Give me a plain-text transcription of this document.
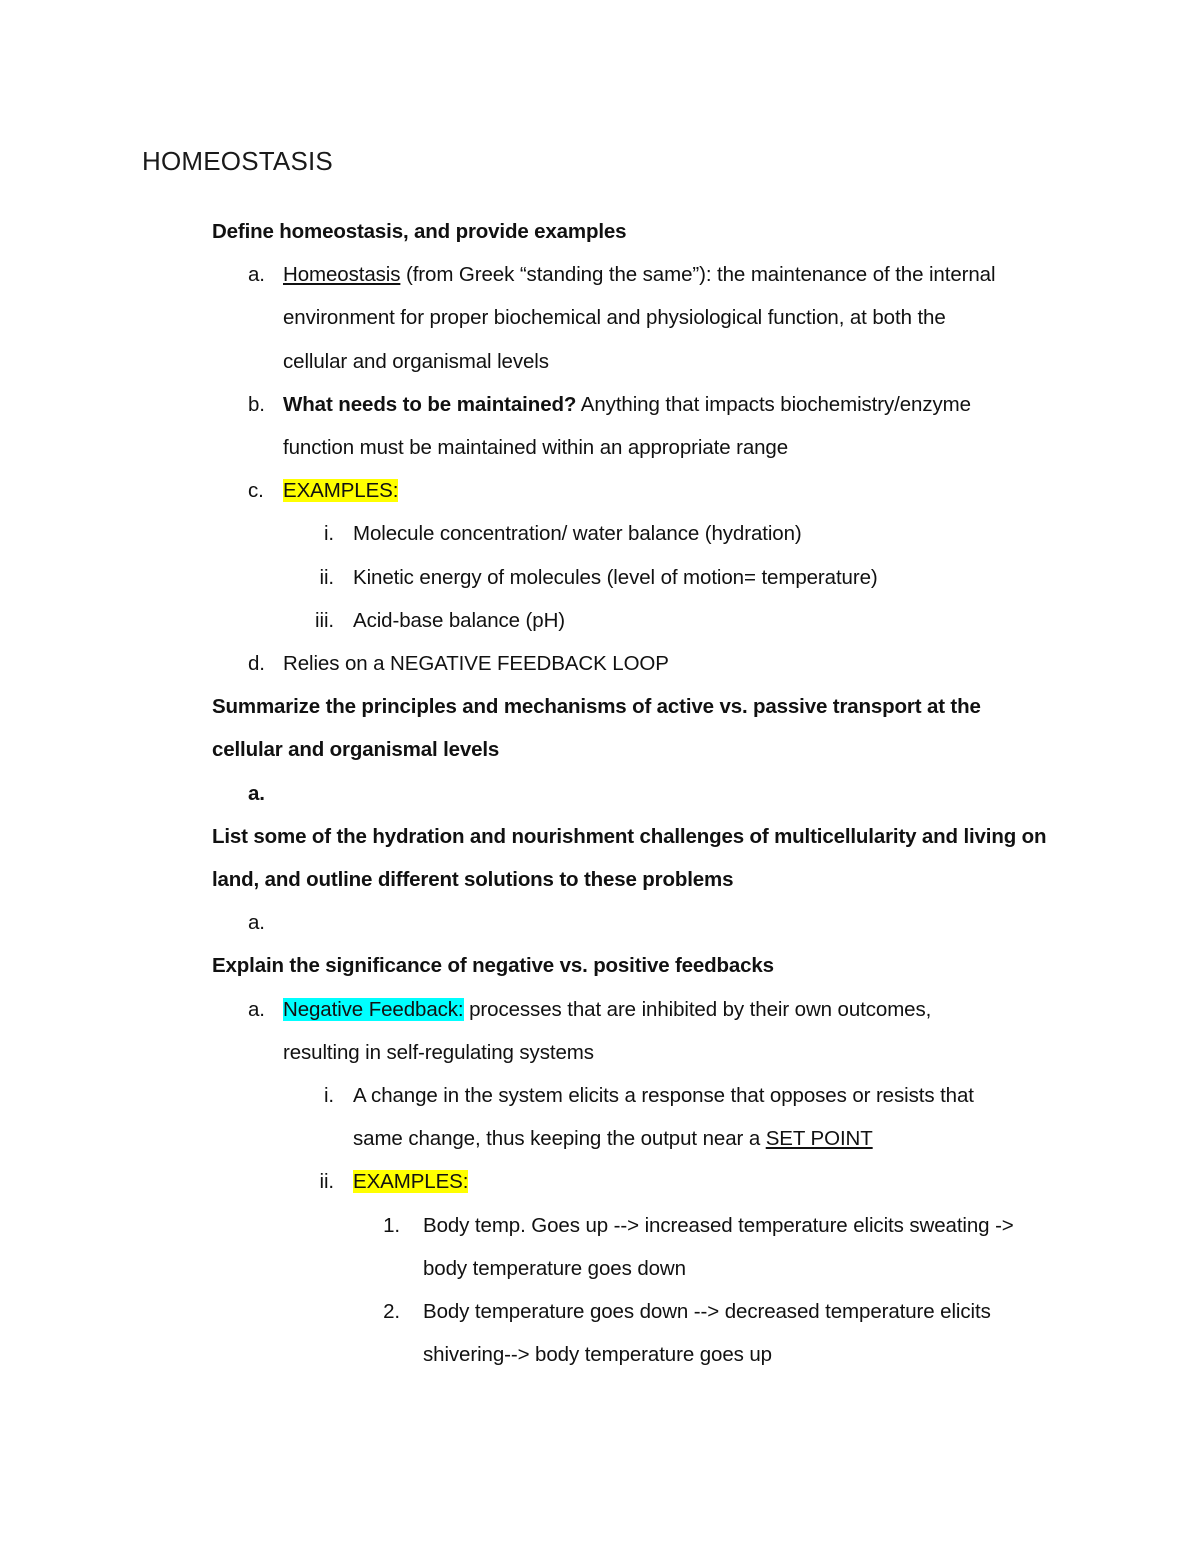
HOMEOSTASIS
Define homeostasis, and provide examples
a. Homeostasis (from Greek “standing the same”): the maintenance of the internal
environment for proper biochemical and physiological function, at both the
cellular and organismal levels
b. What needs to be maintained? Anything that impacts biochemistry/enzyme
function must be maintained within an appropriate range
c. EXAMPLES:
i. Molecule concentration/ water balance (hydration)
ii. Kinetic energy of molecules (level of motion= temperature)
iii. Acid-base balance (pH)
d. Relies on a NEGATIVE FEEDBACK LOOP
Summarize the principles and mechanisms of active vs. passive transport at the
cellular and organismal levels
a.

List some of the hydration and nourishment challenges of multicellularity and living on
land, and outline different solutions to these problems
a.

Explain the significance of negative vs. positive feedbacks
a. Negative Feedback: processes that are inhibited by their own outcomes,
resulting in self-regulating systems
i. A change in the system elicits a response that opposes or resists that
same change, thus keeping the output near a SET POINT
ii. EXAMPLES:
1. Body temp. Goes up --> increased temperature elicits sweating ->
body temperature goes down
2. Body temperature goes down --> decreased temperature elicits
shivering--> body temperature goes up
